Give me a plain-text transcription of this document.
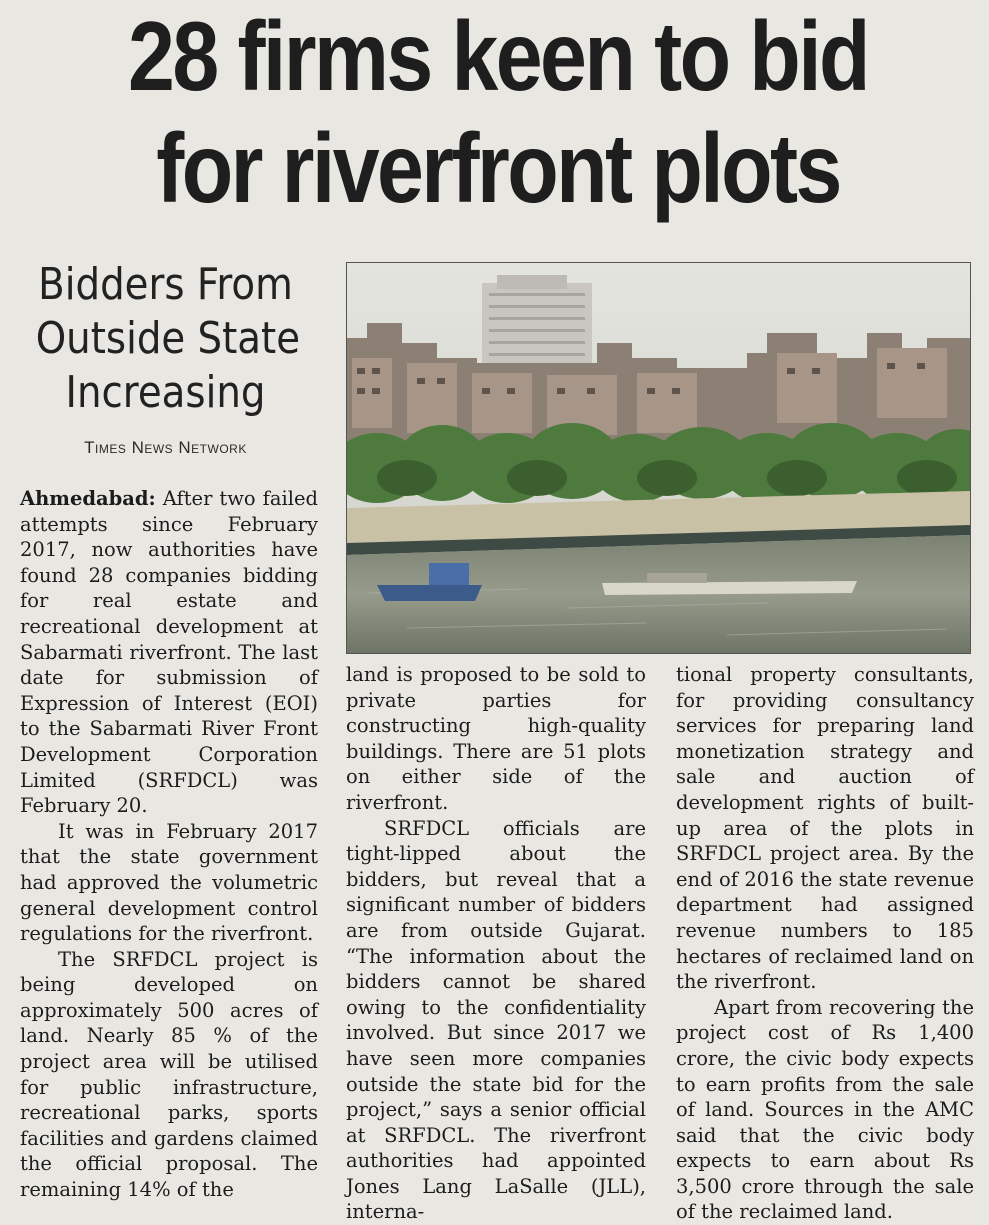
28 firms keen to bid
for riverfront plots
Bidders From
Outside State
Increasing
Times News Network

Ahmedabad: After two failed attempts since February 2017, now authorities have found 28 companies bidding for real estate and recreational development at Sabarmati riverfront. The last date for submission of Expression of Interest (EOI) to the Sabarmati River Front Development Corporation Limited (SRFDCL) was February 20.

It was in February 2017 that the state government had approved the volumetric general development control regulations for the riverfront.

The SRFDCL project is being developed on approximately 500 acres of land. Nearly 85 % of the project area will be utilised for public infrastructure, recreational parks, sports facilities and gardens claimed the official proposal. The remaining 14% of the

land is proposed to be sold to private parties for constructing high-quality buildings. There are 51 plots on either side of the riverfront.

SRFDCL officials are tight-lipped about the bidders, but reveal that a significant number of bidders are from outside Gujarat. “The information about the bidders cannot be shared owing to the confidentiality involved. But since 2017 we have seen more companies outside the state bid for the project,” says a senior official at SRFDCL. The riverfront authorities had appointed Jones Lang LaSalle (JLL), interna-

tional property consultants, for providing consultancy services for preparing land monetization strategy and sale and auction of development rights of built-up area of the plots in SRFDCL project area. By the end of 2016 the state revenue department had assigned revenue numbers to 185 hectares of reclaimed land on the riverfront.

Apart from recovering the project cost of Rs 1,400 crore, the civic body expects to earn profits from the sale of land. Sources in the AMC said that the civic body expects to earn about Rs 3,500 crore through the sale of the reclaimed land.
